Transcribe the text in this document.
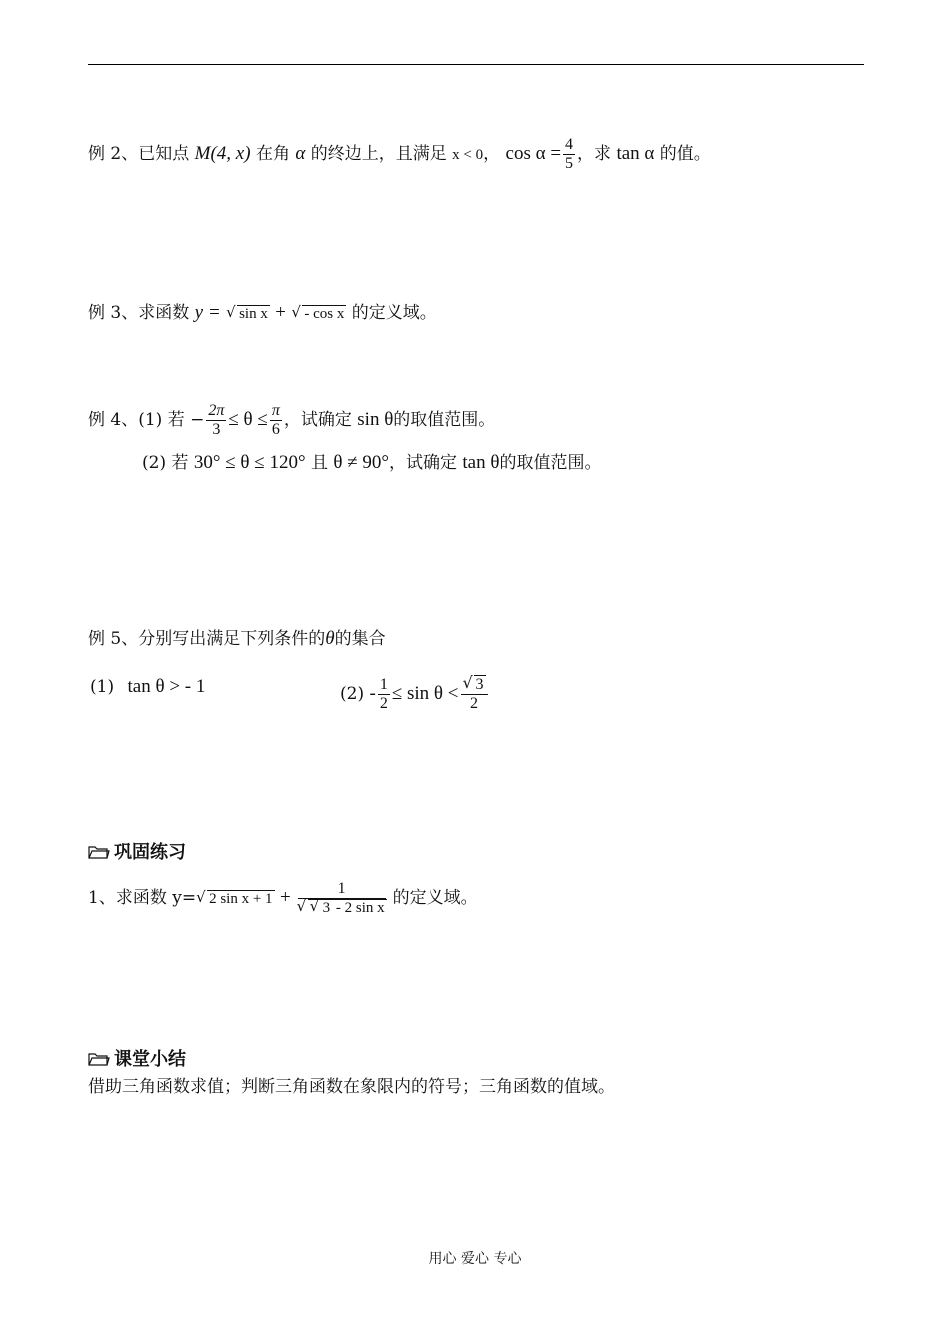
例 2、已知点 M(4, x) 在角 α 的终边上，且满足 x < 0， $\cos \alpha = \frac{4}{5}$ ，求 tan α 的值。
例 3、求函数 y = √ sin x + √ - cos x 的定义域。
例 4、(1) 若 − $\frac{2\pi}{3} \le \theta \le \frac{\pi}{6}$ ，试确定 sin θ的取值范围。
(2) 若 30° ≤ θ ≤ 120° 且 θ ≠ 90°，试确定 tan θ的取值范围。
例 5、分别写出满足下列条件的θ的集合
(1) tan θ > - 1	$(2) - \frac{1}{2} \le \sin \theta < \frac{√ 3}{2}$
巩固练习
1、求函数 y= √ 2 $\sin x + 1 + \frac{1}{\text{√ √ 3 - 2 sin x}}$ 的定义域。
课堂小结
借助三角函数求值；判断三角函数在象限内的符号；三角函数的值域。
用心 爱心 专心
